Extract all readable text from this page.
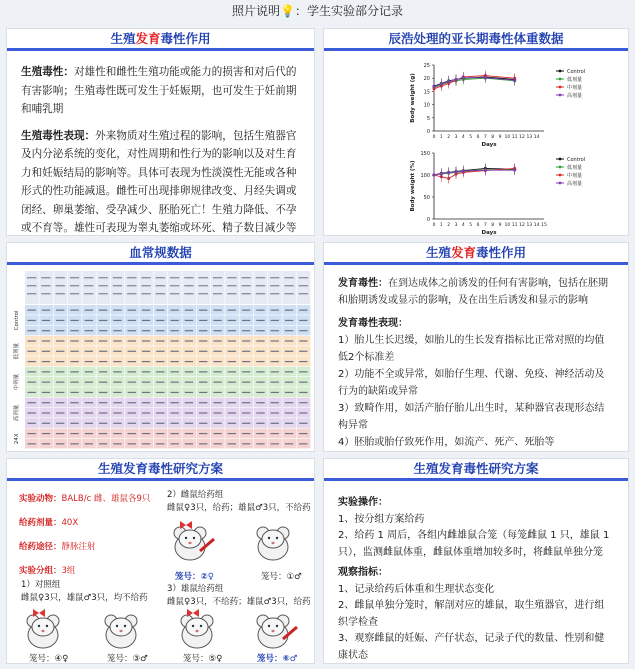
照片说明💡：学生实验部分记录
生殖发育毒性作用

生殖毒性：对雄性和雌性生殖功能或能力的损害和对后代的有害影响；生殖毒性既可发生于妊娠期，也可发生于妊前期和哺乳期

生殖毒性表现：外来物质对生殖过程的影响，包括生殖器官及内分泌系统的变化，对性周期和性行为的影响以及对生育力和妊娠结局的影响等。具体可表现为性淡漠性无能或各种形式的性功能减退。雌性可出现排卵规律改变、月经失调或闭经、卵巢萎缩、受孕减少、胚胎死亡！生殖力降低、不孕或不育等。雄性可表现为睾丸萎缩或坏死、精子数目减少等

辰浩处理的亚长期毒性体重数据
0
5
10
15
20
25
0 1 2 3 4 5 6 7 8 9 10 11 12 13 14
Days
Body weight (g)
Control
低剂量
中剂量
高剂量
0
50
100
150
0 1 2 3 4 5 6 7 8 9 10 11 12 13 14 15
Days
Body weight (%)
Control
低剂量
中剂量
高剂量
血常规数据
Control
低剂量
中剂量
高剂量
24X
生殖发育毒性作用

发育毒性：在到达成体之前诱发的任何有害影响，包括在胚期和胎期诱发或显示的影响，及在出生后诱发和显示的影响

发育毒性表现：

1）胎儿生长迟缓，如胎儿的生长发育指标比正常对照的均值低2个标准差

2）功能不全或异常，如胎仔生理、代谢、免疫、神经活动及行为的缺陷或异常

3）致畸作用，如活产胎仔胎儿出生时，某种器官表现形态结构异常

4）胚胎或胎仔致死作用，如流产、死产、死胎等

生殖发育毒性研究方案
实验动物：BALB/c 雌、雄鼠各9只
给药剂量：40X
给药途径：静脉注射
实验分组：3组
2）雌鼠给药组
雌鼠♀3只，给药；雄鼠♂3只，不给药
1）对照组
雌鼠♀3只，雄鼠♂3只，均不给药
3）雄鼠给药组
雌鼠♀3只，不给药；雄鼠♂3只，给药
笼号：②♀	笼号：①♂
笼号：④♀	笼号：③♂	笼号：⑤♀	笼号：⑥♂
生殖发育毒性研究方案

实验操作：

1、按分组方案给药

2、给药 1 周后，各组内雌雄鼠合笼（每笼雌鼠 1 只，雄鼠 1 只），监测雌鼠体重，雌鼠体重增加较多时，将雌鼠单独分笼

观察指标：

1、记录给药后体重和生理状态变化

2、雌鼠单独分笼时，解剖对应的雄鼠，取生殖器官，进行组织学检查

3、观察雌鼠的妊娠、产仔状态，记录子代的数量、性别和健康状态
